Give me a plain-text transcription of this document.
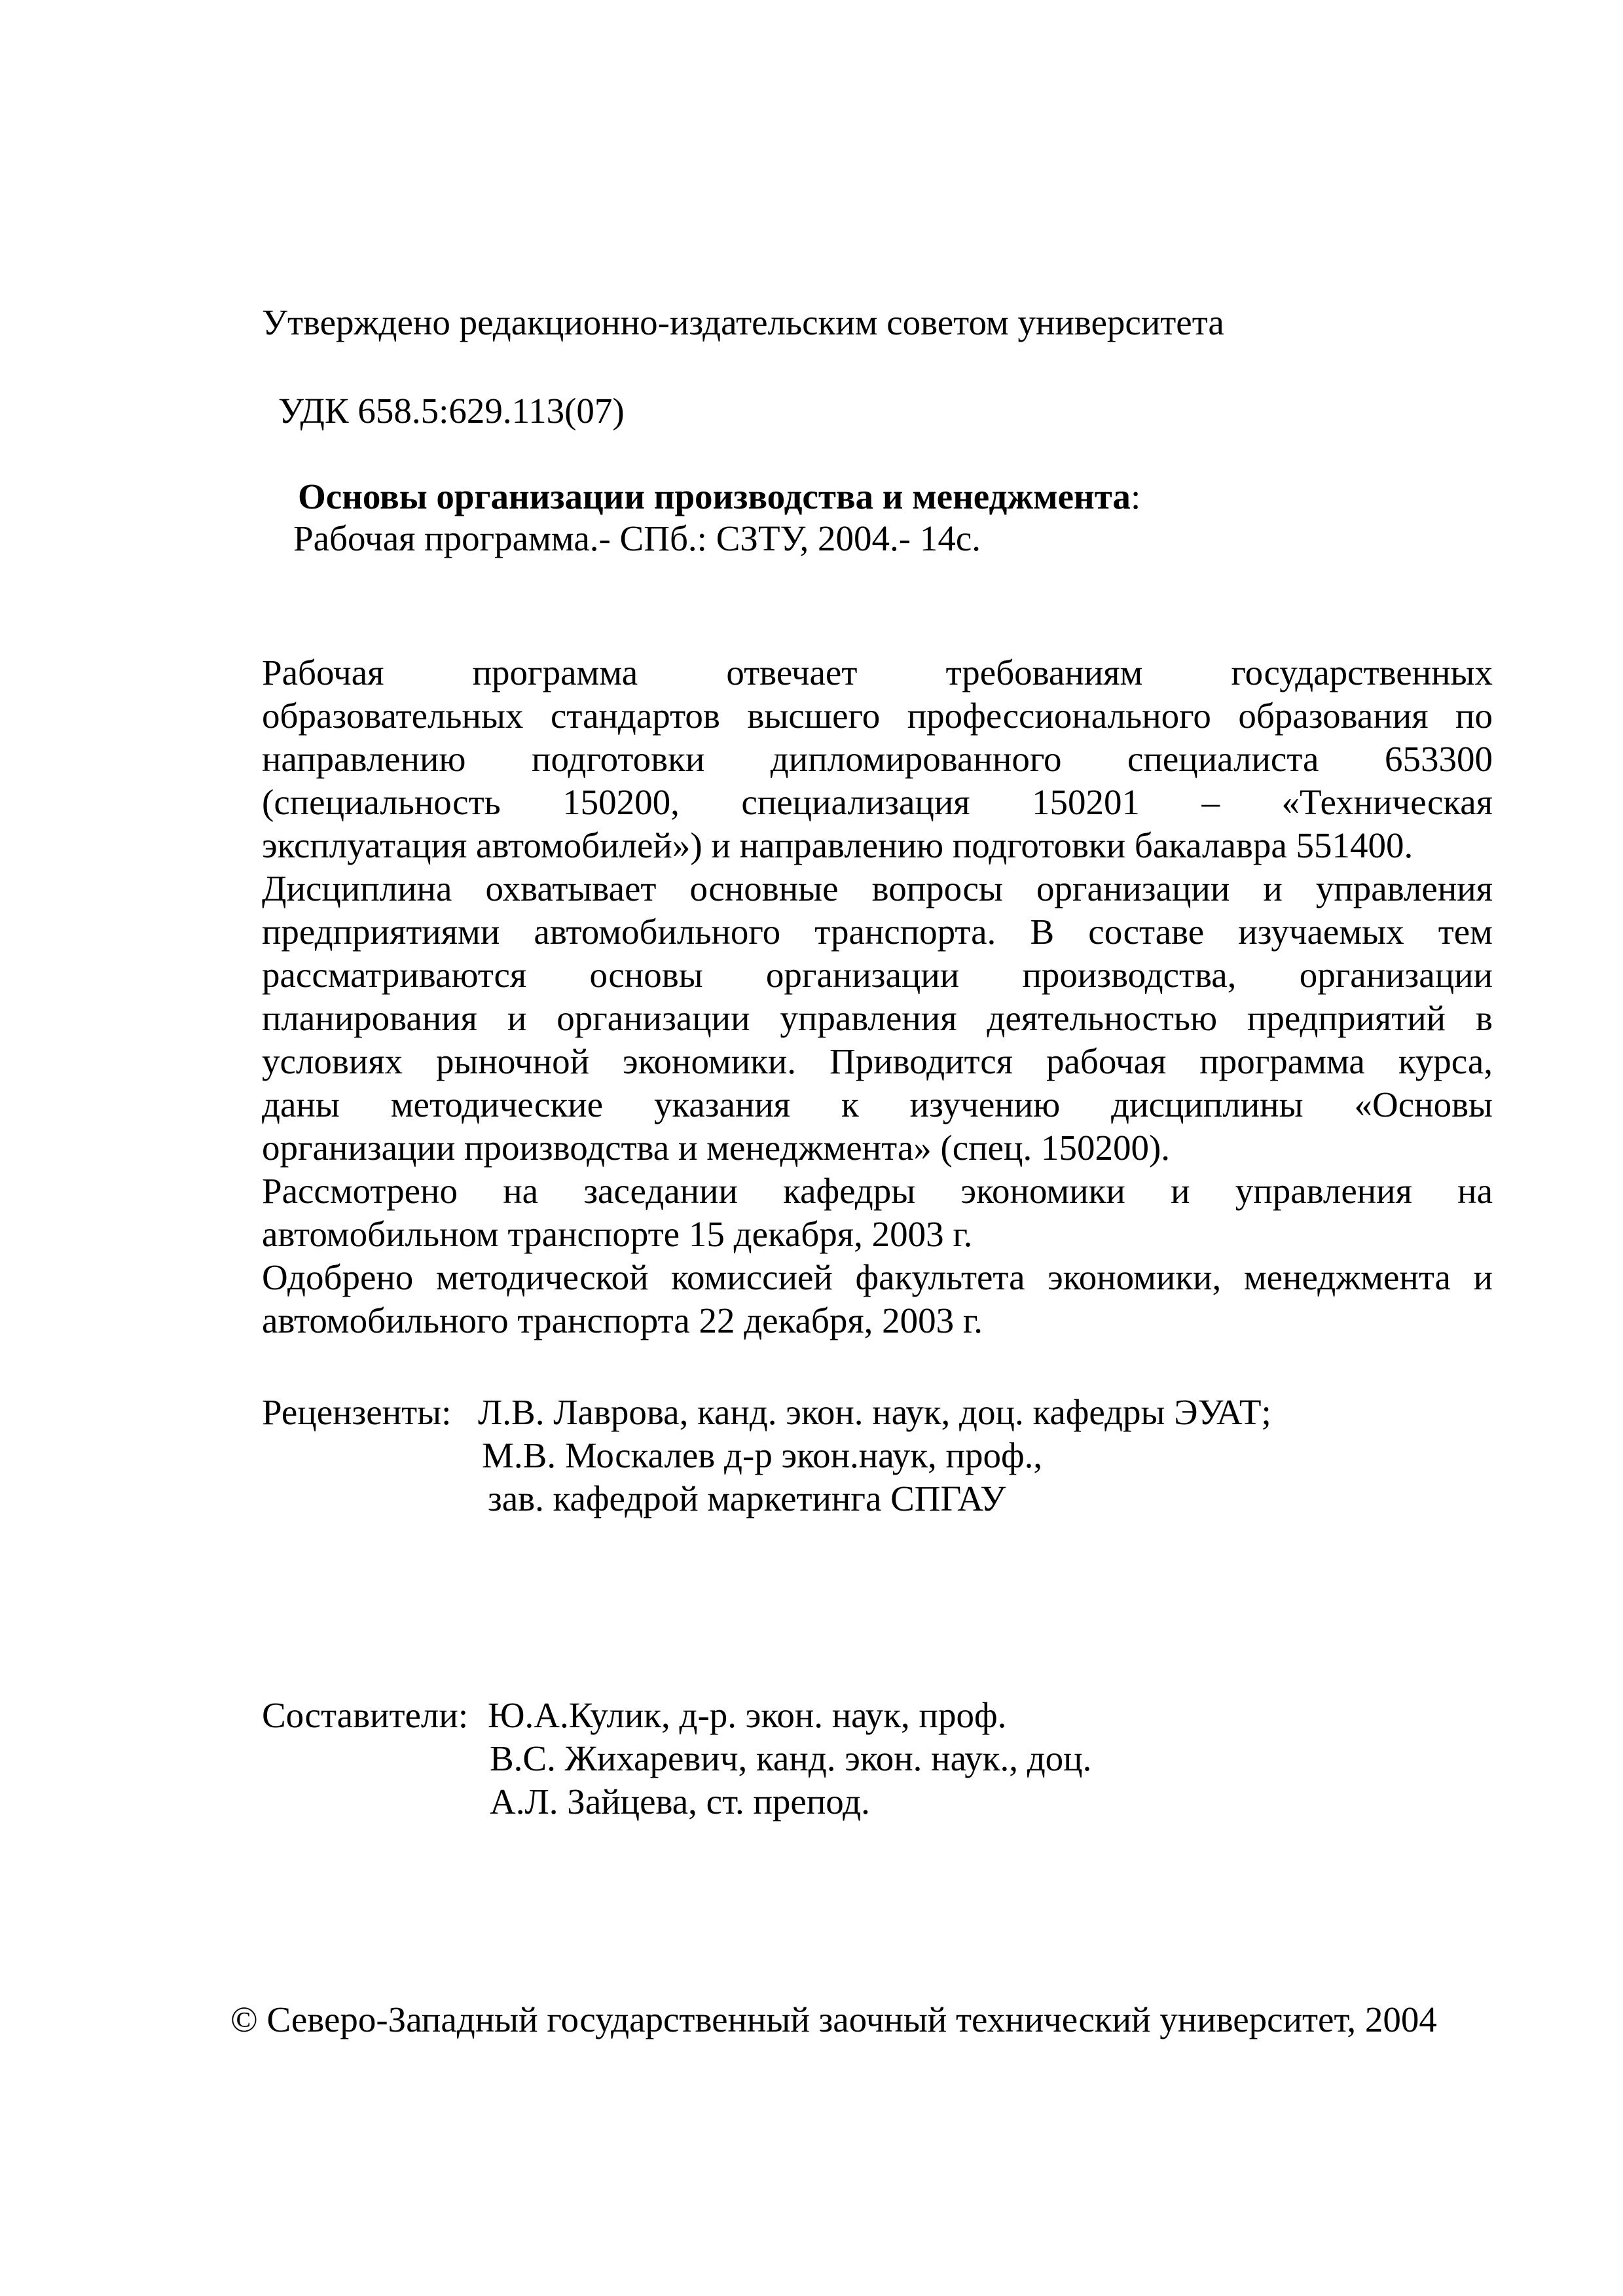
Утверждено редакционно-издательским советом университета
УДК 658.5:629.113(07)
Основы организации производства и менеджмента:
Рабочая программа.- СПб.: СЗТУ, 2004.- 14с.
Рабочая программа отвечает требованиям государственных
образовательных стандартов высшего профессионального образования по
направлению подготовки дипломированного специалиста 653300
(специальность 150200, специализация 150201 – «Техническая
эксплуатация автомобилей») и направлению подготовки бакалавра 551400.
Дисциплина охватывает основные вопросы организации и управления
предприятиями автомобильного транспорта. В составе изучаемых тем
рассматриваются основы организации производства, организации
планирования и организации управления деятельностью предприятий в
условиях рыночной экономики. Приводится рабочая программа курса,
даны методические указания к изучению дисциплины «Основы
организации производства и менеджмента» (спец. 150200).
Рассмотрено на заседании кафедры экономики и управления на
автомобильном транспорте 15 декабря, 2003 г.
Одобрено методической комиссией факультета экономики, менеджмента и
автомобильного транспорта 22 декабря, 2003 г.
Рецензенты: Л.В. Лаврова, канд. экон. наук, доц. кафедры ЭУАТ;
М.В. Москалев д-р экон.наук, проф.,
зав. кафедрой маркетинга СПГАУ
Составители: Ю.А.Кулик, д-р. экон. наук, проф.
В.С. Жихаревич, канд. экон. наук., доц.
А.Л. Зайцева, ст. препод.
© Северо-Западный государственный заочный технический университет, 2004
